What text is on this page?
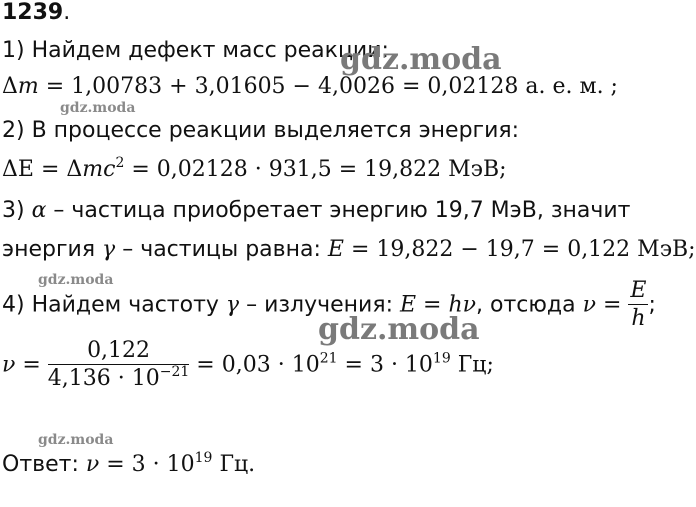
1239.
1) Найдем дефект масс реакции:
Δm = 1,00783 + 3,01605 − 4,0026 = 0,02128 а. е. м. ;
2) В процессе реакции выделяется энергия:
ΔE = Δmc$^2$ = 0,02128 · 931,5 = 19,822 МэВ;
3) α – частица приобретает энергию 19,7 МэВ, значит
энергия γ – частицы равна: E = 19,822 − 19,7 = 0,122 МэВ;
4) Найдем частоту γ – излучения: E = hν, отсюда $\nu = \frac{E}{h}$ ;
$\nu = \frac{0,122}{4,136 \cdot 10^{-21}} = 0,03 \cdot 10^{21} = 3 \cdot 10^{19}$ Гц;
Ответ: $\nu = 3 \cdot 10^{19}$ Гц.
gdz.moda
gdz.moda
gdz.moda
gdz.moda
gdz.moda
